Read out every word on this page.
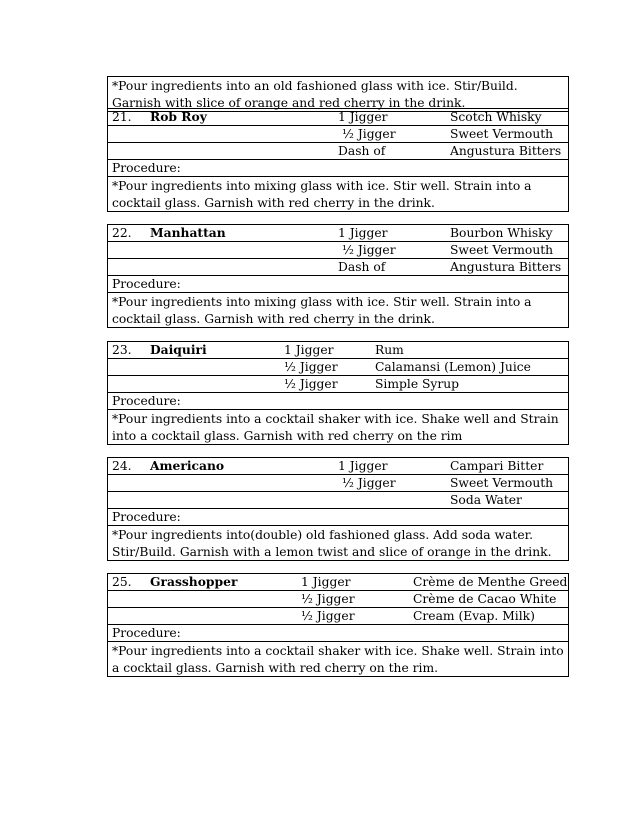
*Pour ingredients into an old fashioned glass with ice. Stir/Build. Garnish with slice of orange and red cherry in the drink.
21. Rob Roy	1 Jigger	Scotch Whisky
½ Jigger	Sweet Vermouth
Dash of	Angustura Bitters
Procedure:
*Pour ingredients into mixing glass with ice. Stir well. Strain into a cocktail glass. Garnish with red cherry in the drink.
22. Manhattan	1 Jigger	Bourbon Whisky
½ Jigger	Sweet Vermouth
Dash of	Angustura Bitters
Procedure:
*Pour ingredients into mixing glass with ice. Stir well. Strain into a cocktail glass. Garnish with red cherry in the drink.
23. Daiquiri	1 Jigger	Rum
½ Jigger	Calamansi (Lemon) Juice
½ Jigger	Simple Syrup
Procedure:
*Pour ingredients into a cocktail shaker with ice. Shake well and Strain into a cocktail glass. Garnish with red cherry on the rim
24. Americano	1 Jigger	Campari Bitter
½ Jigger	Sweet Vermouth
Soda Water
Procedure:
*Pour ingredients into(double) old fashioned glass. Add soda water. Stir/Build. Garnish with a lemon twist and slice of orange in the drink.
25. Grasshopper	1 Jigger	Crème de Menthe Greed
½ Jigger	Crème de Cacao White
½ Jigger	Cream (Evap. Milk)
Procedure:
*Pour ingredients into a cocktail shaker with ice. Shake well. Strain into a cocktail glass. Garnish with red cherry on the rim.
